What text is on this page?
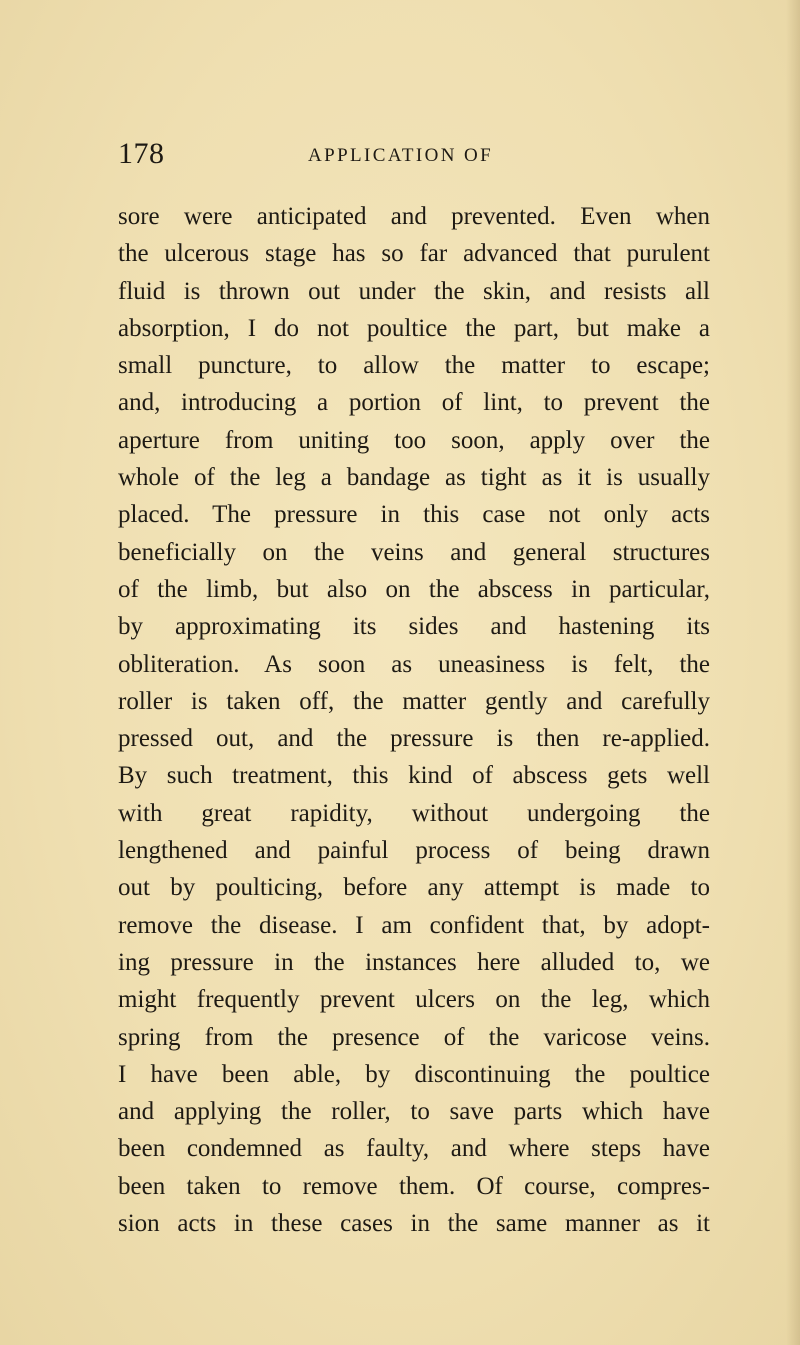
178	APPLICATION OF
sore were anticipated and prevented. Even when
the ulcerous stage has so far advanced that purulent
fluid is thrown out under the skin, and resists all
absorption, I do not poultice the part, but make a
small puncture, to allow the matter to escape;
and, introducing a portion of lint, to prevent the
aperture from uniting too soon, apply over the
whole of the leg a bandage as tight as it is usually
placed. The pressure in this case not only acts
beneficially on the veins and general structures
of the limb, but also on the abscess in particular,
by approximating its sides and hastening its
obliteration. As soon as uneasiness is felt, the
roller is taken off, the matter gently and carefully
pressed out, and the pressure is then re-applied.
By such treatment, this kind of abscess gets well
with great rapidity, without undergoing the
lengthened and painful process of being drawn
out by poulticing, before any attempt is made to
remove the disease. I am confident that, by adopt-
ing pressure in the instances here alluded to, we
might frequently prevent ulcers on the leg, which
spring from the presence of the varicose veins.
I have been able, by discontinuing the poultice
and applying the roller, to save parts which have
been condemned as faulty, and where steps have
been taken to remove them. Of course, compres-
sion acts in these cases in the same manner as it
